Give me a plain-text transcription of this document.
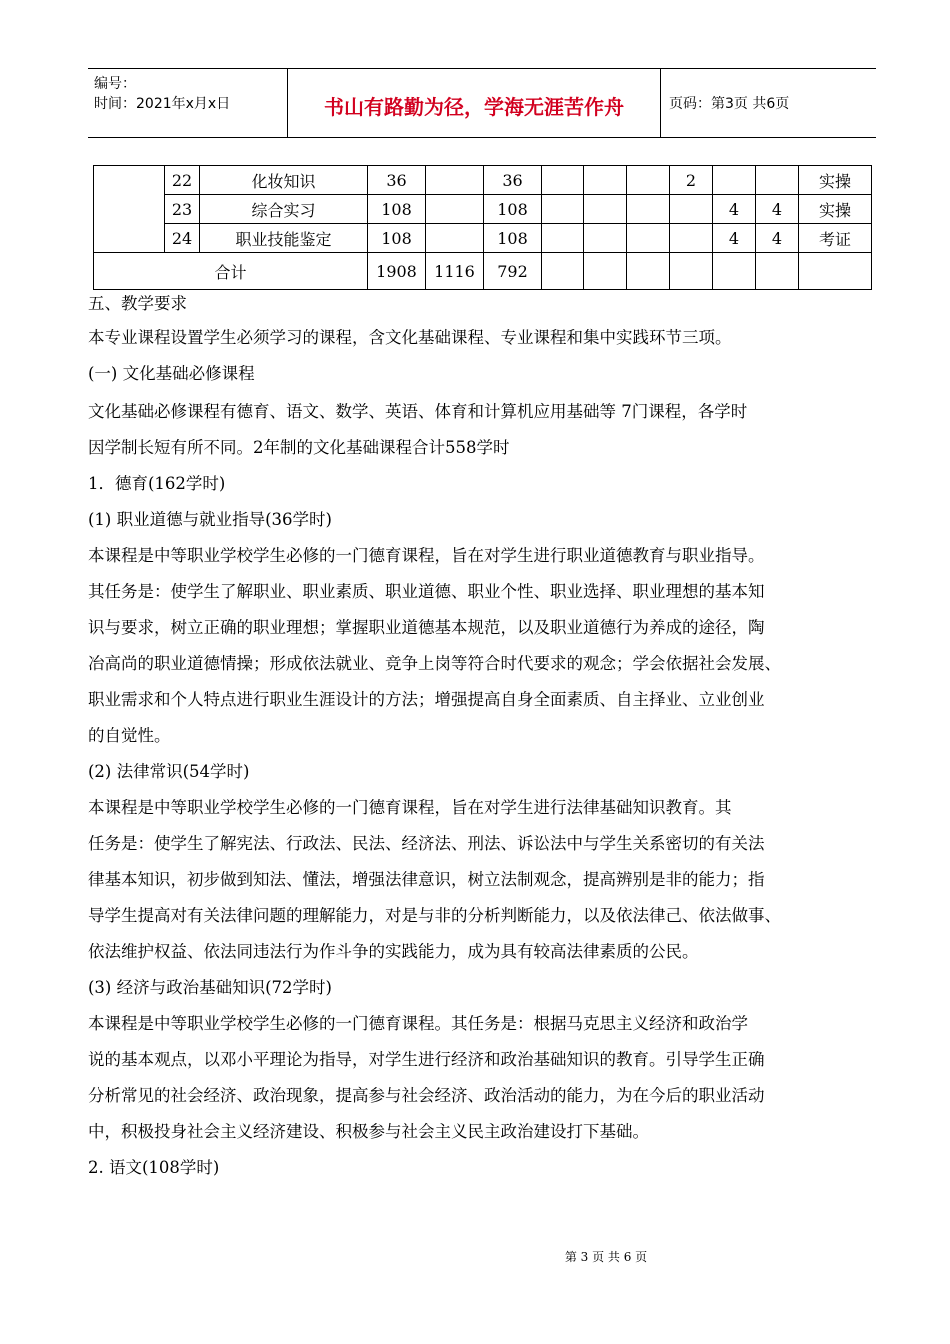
编号：
时间：2021年x月x日	书山有路勤为径，学海无涯苦作舟	页码：第3页 共6页
	22	化妆知识	36		36				2			实操
	23	综合实习	108		108					4	4	实操
	24	职业技能鉴定	108		108					4	4	考证
合计			1908	1116	792							

五、教学要求

本专业课程设置学生必须学习的课程，含文化基础课程、专业课程和集中实践环节三项。

(一) 文化基础必修课程

文化基础必修课程有德育、语文、数学、英语、体育和计算机应用基础等 7门课程，各学时

因学制长短有所不同。2年制的文化基础课程合计558学时

1．德育(162学时)

(1) 职业道德与就业指导(36学时)

本课程是中等职业学校学生必修的一门德育课程，旨在对学生进行职业道德教育与职业指导。

其任务是：使学生了解职业、职业素质、职业道德、职业个性、职业选择、职业理想的基本知

识与要求，树立正确的职业理想；掌握职业道德基本规范，以及职业道德行为养成的途径，陶

冶高尚的职业道德情操；形成依法就业、竞争上岗等符合时代要求的观念；学会依据社会发展、

职业需求和个人特点进行职业生涯设计的方法；增强提高自身全面素质、自主择业、立业创业

的自觉性。

(2) 法律常识(54学时)

本课程是中等职业学校学生必修的一门德育课程，旨在对学生进行法律基础知识教育。其

任务是：使学生了解宪法、行政法、民法、经济法、刑法、诉讼法中与学生关系密切的有关法

律基本知识，初步做到知法、懂法，增强法律意识，树立法制观念，提高辨别是非的能力；指

导学生提高对有关法律问题的理解能力，对是与非的分析判断能力，以及依法律己、依法做事、

依法维护权益、依法同违法行为作斗争的实践能力，成为具有较高法律素质的公民。

(3) 经济与政治基础知识(72学时)

本课程是中等职业学校学生必修的一门德育课程。其任务是：根据马克思主义经济和政治学

说的基本观点，以邓小平理论为指导，对学生进行经济和政治基础知识的教育。引导学生正确

分析常见的社会经济、政治现象，提高参与社会经济、政治活动的能力，为在今后的职业活动

中，积极投身社会主义经济建设、积极参与社会主义民主政治建设打下基础。

2. 语文(108学时)

第 3 页 共 6 页
